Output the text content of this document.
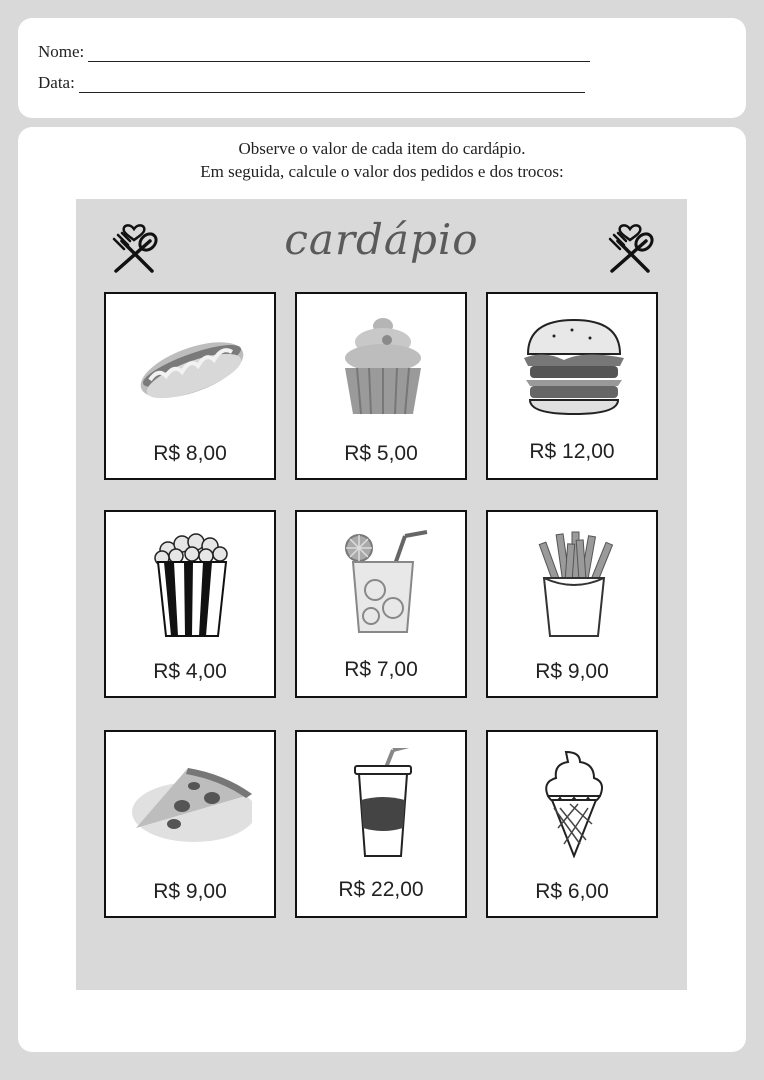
Nome:
Data:
Observe o valor de cada item do cardápio.
Em seguida, calcule o valor dos pedidos e dos trocos:
cardápio
R$ 8,00	R$ 5,00	R$ 12,00
R$ 4,00	R$ 7,00	R$ 9,00
R$ 9,00	R$ 22,00	R$ 6,00
